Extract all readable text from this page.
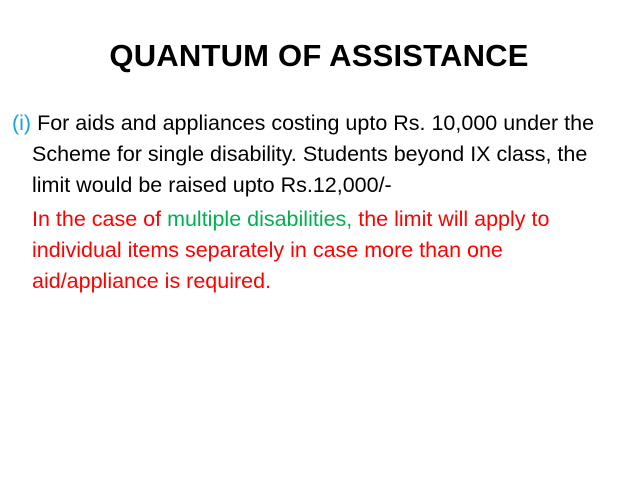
QUANTUM OF ASSISTANCE

(i) For aids and appliances costing upto Rs. 10,000 under the Scheme for single disability. Students beyond IX class, the limit would be raised upto Rs.12,000/-

In the case of multiple disabilities, the limit will apply to individual items separately in case more than one aid/appliance is required.
